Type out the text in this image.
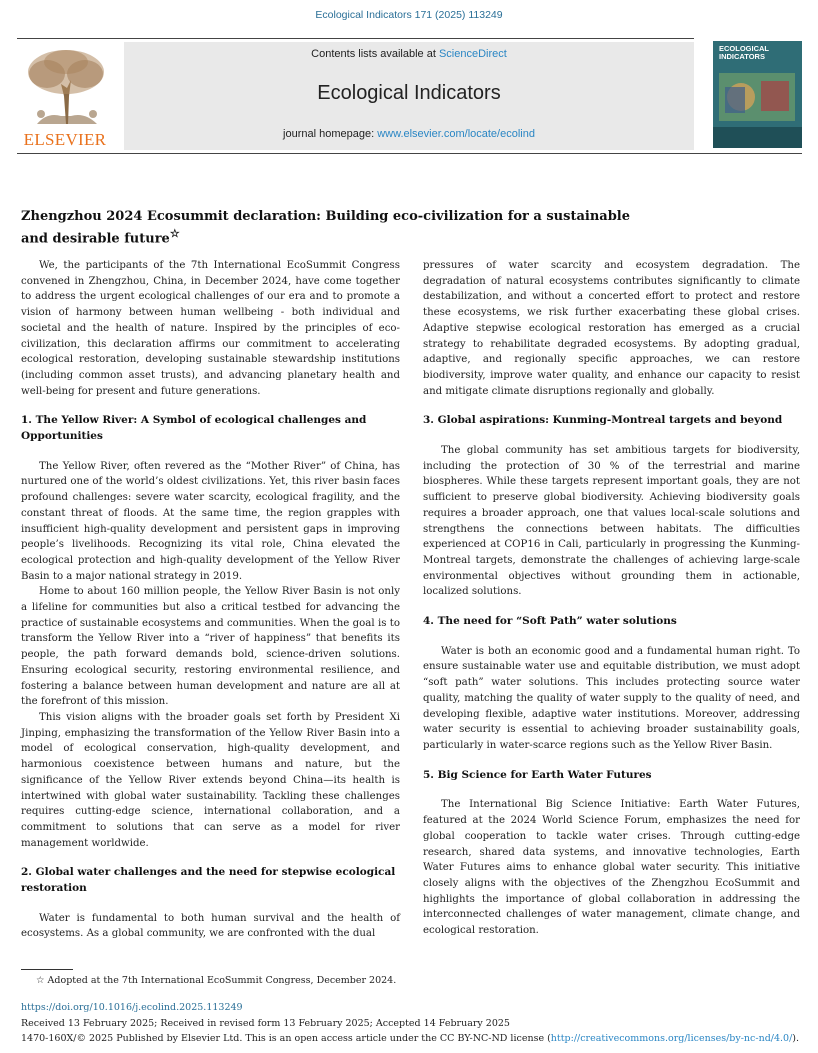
Ecological Indicators 171 (2025) 113249
ELSEVIER
Contents lists available at ScienceDirect
Ecological Indicators
journal homepage: www.elsevier.com/locate/ecolind
ECOLOGICAL INDICATORS
Zhengzhou 2024 Ecosummit declaration: Building eco-civilization for a sustainable and desirable future☆

We, the participants of the 7th International EcoSummit Congress convened in Zhengzhou, China, in December 2024, have come together to address the urgent ecological challenges of our era and to promote a vision of harmony between human wellbeing - both individual and societal and the health of nature. Inspired by the principles of eco-civilization, this declaration affirms our commitment to accelerating ecological restoration, developing sustainable stewardship institutions (including common asset trusts), and advancing planetary health and well-being for present and future generations.

1. The Yellow River: A Symbol of ecological challenges and Opportunities

The Yellow River, often revered as the “Mother River” of China, has nurtured one of the world’s oldest civilizations. Yet, this river basin faces profound challenges: severe water scarcity, ecological fragility, and the constant threat of floods. At the same time, the region grapples with insufficient high-quality development and persistent gaps in improving people’s livelihoods. Recognizing its vital role, China elevated the ecological protection and high-quality development of the Yellow River Basin to a major national strategy in 2019.

Home to about 160 million people, the Yellow River Basin is not only a lifeline for communities but also a critical testbed for advancing the practice of sustainable ecosystems and communities. When the goal is to transform the Yellow River into a “river of happiness” that benefits its people, the path forward demands bold, science-driven solutions. Ensuring ecological security, restoring environmental resilience, and fostering a balance between human development and nature are all at the forefront of this mission.

This vision aligns with the broader goals set forth by President Xi Jinping, emphasizing the transformation of the Yellow River Basin into a model of ecological conservation, high-quality development, and harmonious coexistence between humans and nature, but the significance of the Yellow River extends beyond China—its health is intertwined with global water sustainability. Tackling these challenges requires cutting-edge science, international collaboration, and a commitment to solutions that can serve as a model for river management worldwide.

2. Global water challenges and the need for stepwise ecological restoration

Water is fundamental to both human survival and the health of ecosystems. As a global community, we are confronted with the dual

pressures of water scarcity and ecosystem degradation. The degradation of natural ecosystems contributes significantly to climate destabilization, and without a concerted effort to protect and restore these ecosystems, we risk further exacerbating these global crises. Adaptive stepwise ecological restoration has emerged as a crucial strategy to rehabilitate degraded ecosystems. By adopting gradual, adaptive, and regionally specific approaches, we can restore biodiversity, improve water quality, and enhance our capacity to resist and mitigate climate disruptions regionally and globally.

3. Global aspirations: Kunming-Montreal targets and beyond

The global community has set ambitious targets for biodiversity, including the protection of 30 % of the terrestrial and marine biospheres. While these targets represent important goals, they are not sufficient to preserve global biodiversity. Achieving biodiversity goals requires a broader approach, one that values local-scale solutions and strengthens the connections between habitats. The difficulties experienced at COP16 in Cali, particularly in progressing the Kunming-Montreal targets, demonstrate the challenges of achieving large-scale environmental objectives without grounding them in actionable, localized solutions.

4. The need for “Soft Path” water solutions

Water is both an economic good and a fundamental human right. To ensure sustainable water use and equitable distribution, we must adopt “soft path” water solutions. This includes protecting source water quality, matching the quality of water supply to the quality of need, and developing flexible, adaptive water institutions. Moreover, addressing water security is essential to achieving broader sustainability goals, particularly in water-scarce regions such as the Yellow River Basin.

5. Big Science for Earth Water Futures

The International Big Science Initiative: Earth Water Futures, featured at the 2024 World Science Forum, emphasizes the need for global cooperation to tackle water crises. Through cutting-edge research, shared data systems, and innovative technologies, Earth Water Futures aims to enhance global water security. This initiative closely aligns with the objectives of the Zhengzhou EcoSummit and highlights the importance of global collaboration in addressing the interconnected challenges of water management, climate change, and ecological restoration.

☆ Adopted at the 7th International EcoSummit Congress, December 2024.
https://doi.org/10.1016/j.ecolind.2025.113249
Received 13 February 2025; Received in revised form 13 February 2025; Accepted 14 February 2025
1470-160X/© 2025 Published by Elsevier Ltd. This is an open access article under the CC BY-NC-ND license (http://creativecommons.org/licenses/by-nc-nd/4.0/).
